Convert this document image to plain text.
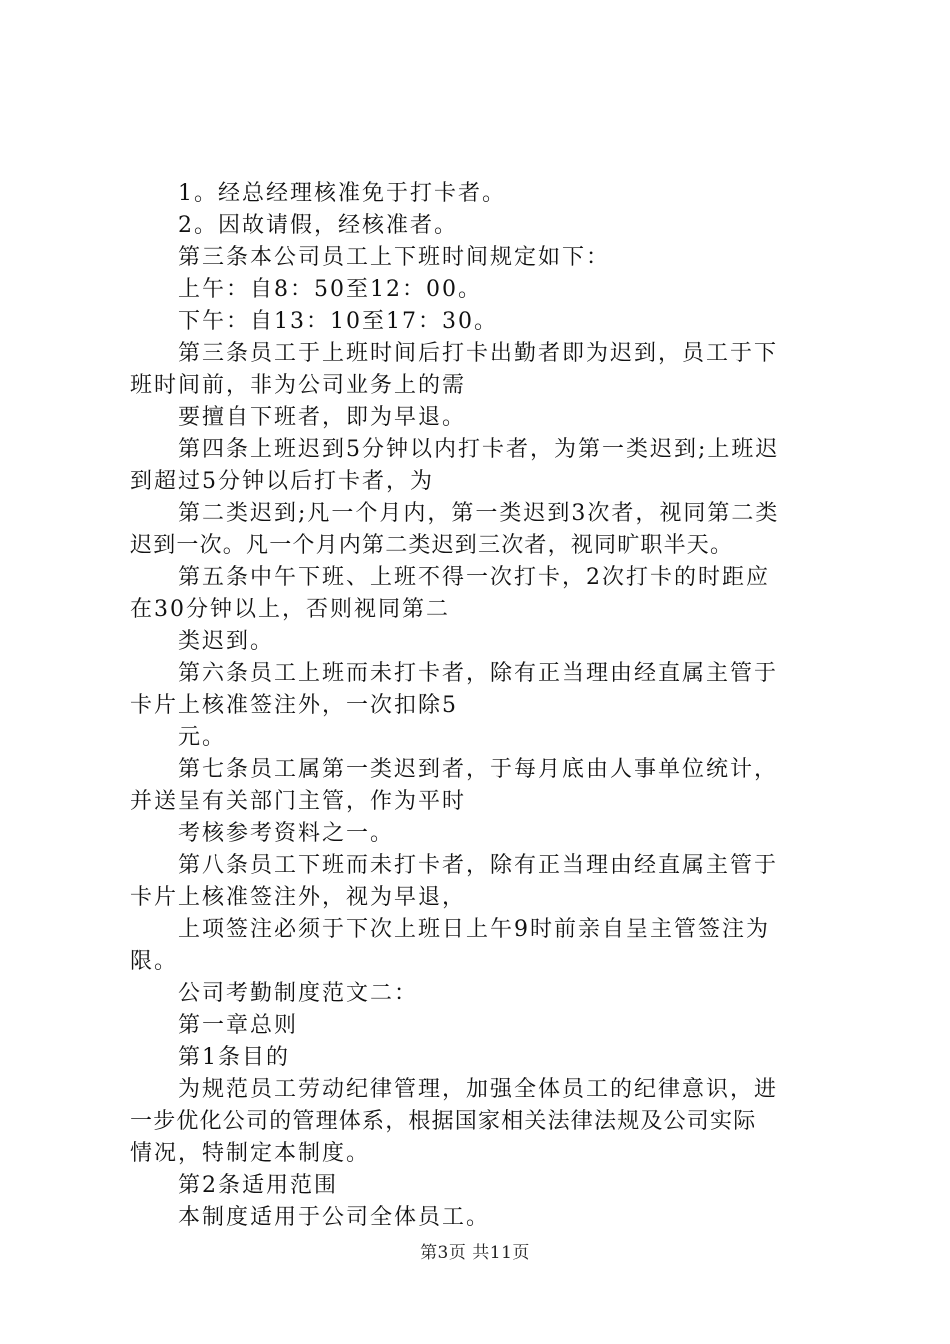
1。经总经理核准免于打卡者。
2。因故请假，经核准者。
第三条本公司员工上下班时间规定如下：
上午：自8：50至12：00。
下午：自13：10至17：30。
第三条员工于上班时间后打卡出勤者即为迟到，员工于下
班时间前，非为公司业务上的需
要擅自下班者，即为早退。
第四条上班迟到5分钟以内打卡者，为第一类迟到;上班迟
到超过5分钟以后打卡者，为
第二类迟到;凡一个月内，第一类迟到3次者，视同第二类
迟到一次。凡一个月内第二类迟到三次者，视同旷职半天。
第五条中午下班、上班不得一次打卡，2次打卡的时距应
在30分钟以上，否则视同第二
类迟到。
第六条员工上班而未打卡者，除有正当理由经直属主管于
卡片上核准签注外，一次扣除5
元。
第七条员工属第一类迟到者，于每月底由人事单位统计，
并送呈有关部门主管，作为平时
考核参考资料之一。
第八条员工下班而未打卡者，除有正当理由经直属主管于
卡片上核准签注外，视为早退，
上项签注必须于下次上班日上午9时前亲自呈主管签注为
限。
公司考勤制度范文二：
第一章总则
第1条目的
为规范员工劳动纪律管理，加强全体员工的纪律意识，进
一步优化公司的管理体系，根据国家相关法律法规及公司实际
情况，特制定本制度。
第2条适用范围
本制度适用于公司全体员工。
第3页 共11页
